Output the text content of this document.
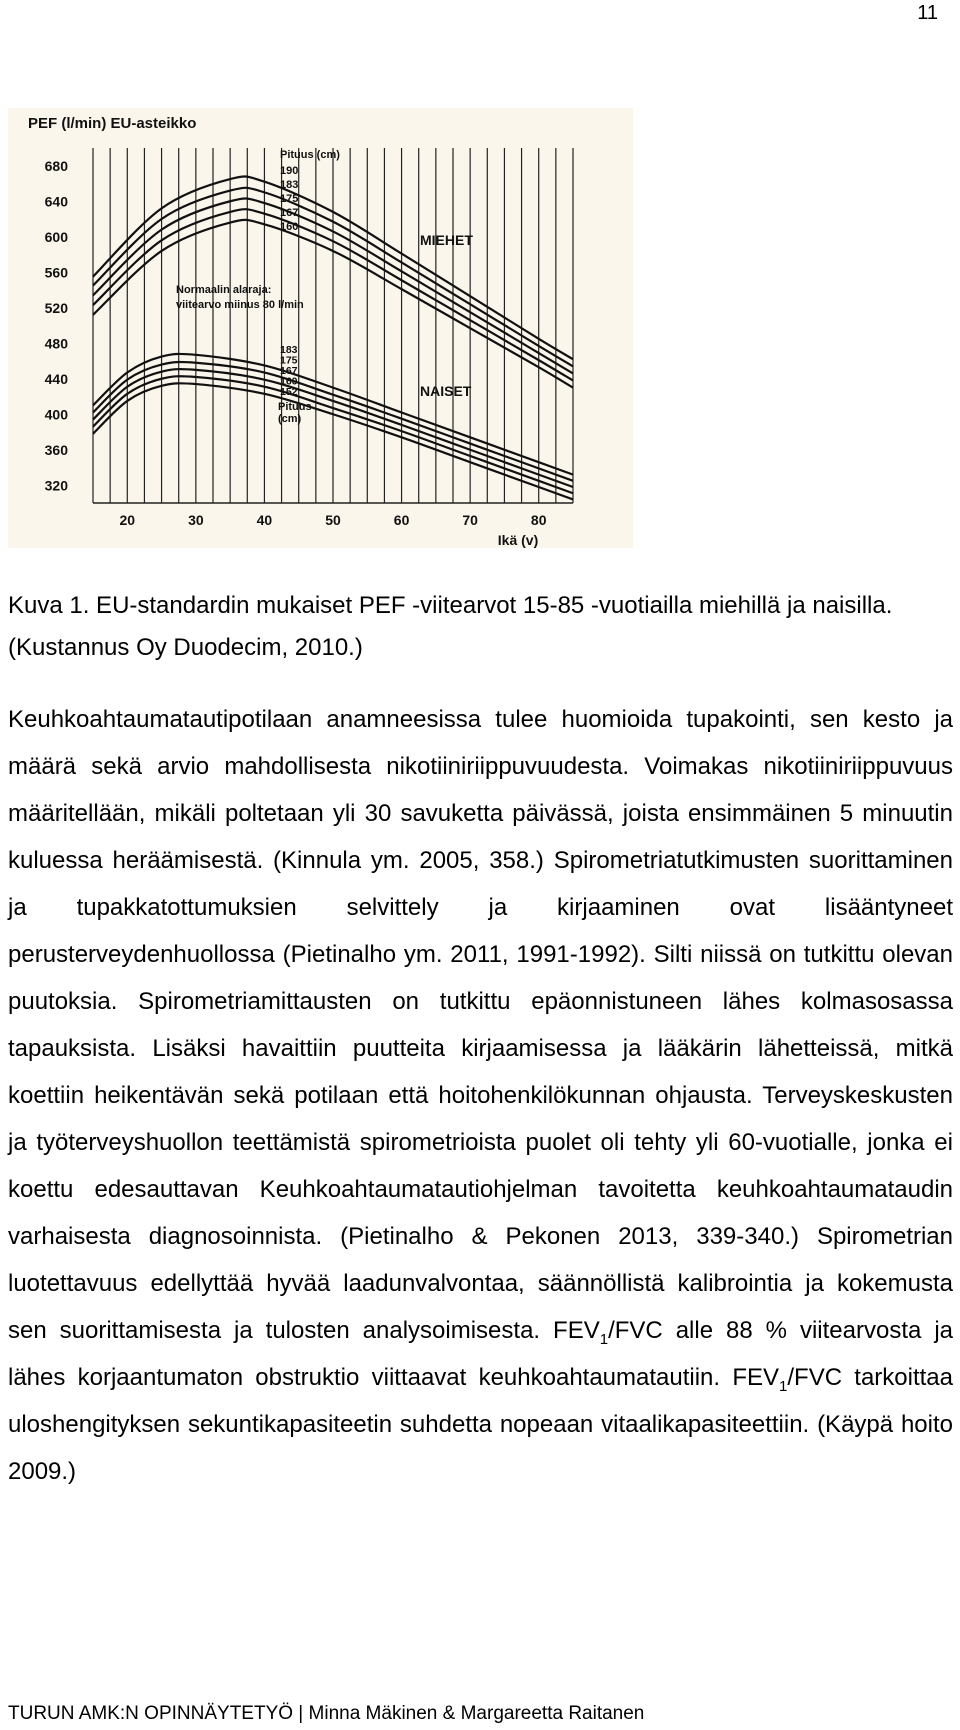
11
320
360
400
440
480
520
560
600
640
680
20	30	40	50	60	70	80
Ikä (v)
PEF (l/min) EU-asteikko
Pituus (cm)
190
183
175
167
160
MIEHET
Normaalin alaraja:
viitearvo miinus 80 l/min
183
175
167
160
152
Pituus
(cm)
NAISET
Kuva 1. EU-standardin mukaiset PEF -viitearvot 15-85 -vuotiailla miehillä ja naisilla. (Kustannus Oy Duodecim, 2010.)

Keuhkoahtaumatautipotilaan anamneesissa tulee huomioida tupakointi, sen kesto ja määrä sekä arvio mahdollisesta nikotiiniriippuvuudesta. Voimakas nikotiiniriippuvuus määritellään, mikäli poltetaan yli 30 savuketta päivässä, joista ensimmäinen 5 minuutin kuluessa heräämisestä. (Kinnula ym. 2005, 358.) Spirometriatutkimusten suorittaminen ja tupakkatottumuksien selvittely ja kirjaaminen ovat lisääntyneet perusterveydenhuollossa (Pietinalho ym. 2011, 1991-1992). Silti niissä on tutkittu olevan puutoksia. Spirometriamittausten on tutkittu epäonnistuneen lähes kolmasosassa tapauksista. Lisäksi havaittiin puutteita kirjaamisessa ja lääkärin lähetteissä, mitkä koettiin heikentävän sekä potilaan että hoitohenkilökunnan ohjausta. Terveyskeskusten ja työterveyshuollon teettämistä spirometrioista puolet oli tehty yli 60-vuotialle, jonka ei koettu edesauttavan Keuhkoahtaumatautiohjelman tavoitetta keuhkoahtaumataudin varhaisesta diagnosoinnista. (Pietinalho & Pekonen 2013, 339-340.) Spirometrian luotettavuus edellyttää hyvää laadunvalvontaa, säännöllistä kalibrointia ja kokemusta sen suorittamisesta ja tulosten analysoimisesta. $FEV_1$/FVC alle 88 % viitearvosta ja lähes korjaantumaton obstruktio viittaavat keuhkoahtaumatautiin. $FEV_1$/FVC tarkoittaa uloshengityksen sekuntikapasiteetin suhdetta nopeaan vitaalikapasiteettiin. (Käypä hoito 2009.)

TURUN AMK:N OPINNÄYTETYÖ | Minna Mäkinen & Margareetta Raitanen
